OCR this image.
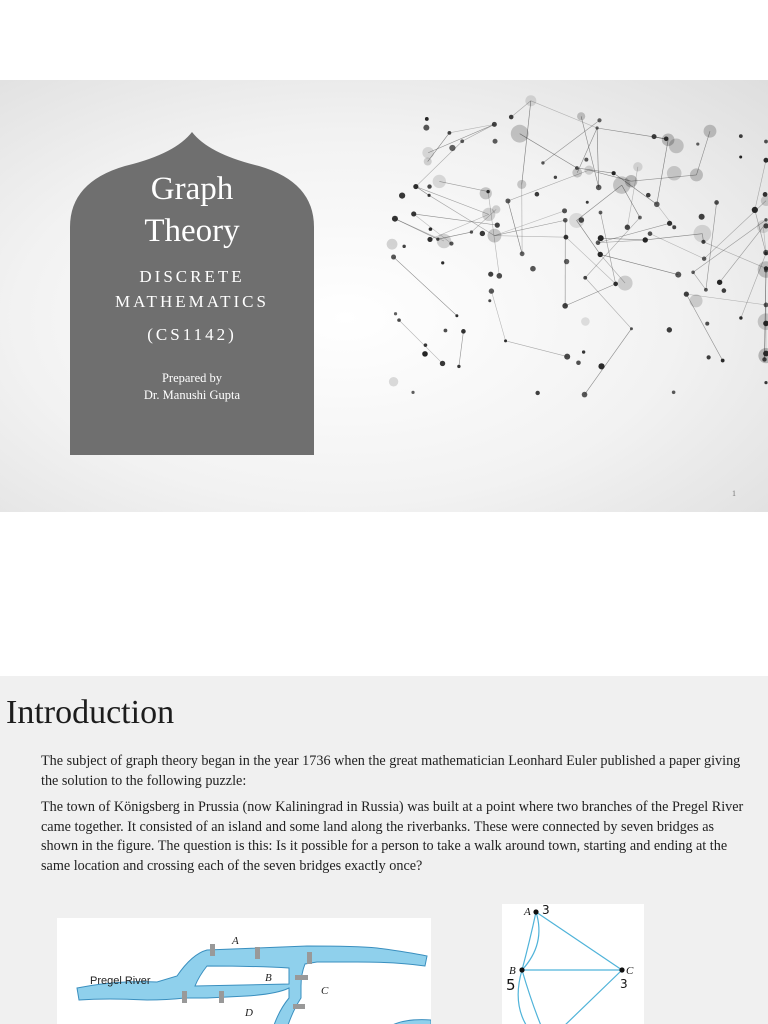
Graph
Theory
DISCRETE
MATHEMATICS
(CS1142)
Prepared by
Dr. Manushi Gupta
1
Introduction

The subject of graph theory began in the year 1736 when the great mathematician Leonhard Euler published a paper giving the solution to the following puzzle:

The town of Königsberg in Prussia (now Kaliningrad in Russia) was built at a point where two branches of the Pregel River came together. It consisted of an island and some land along the riverbanks. These were connected by seven bridges as shown in the figure. The question is this: Is it possible for a person to take a walk around town, starting and ending at the same location and crossing each of the seven bridges exactly once?

Pregel River
A
B
C
D
A 3
B
5
C
3
